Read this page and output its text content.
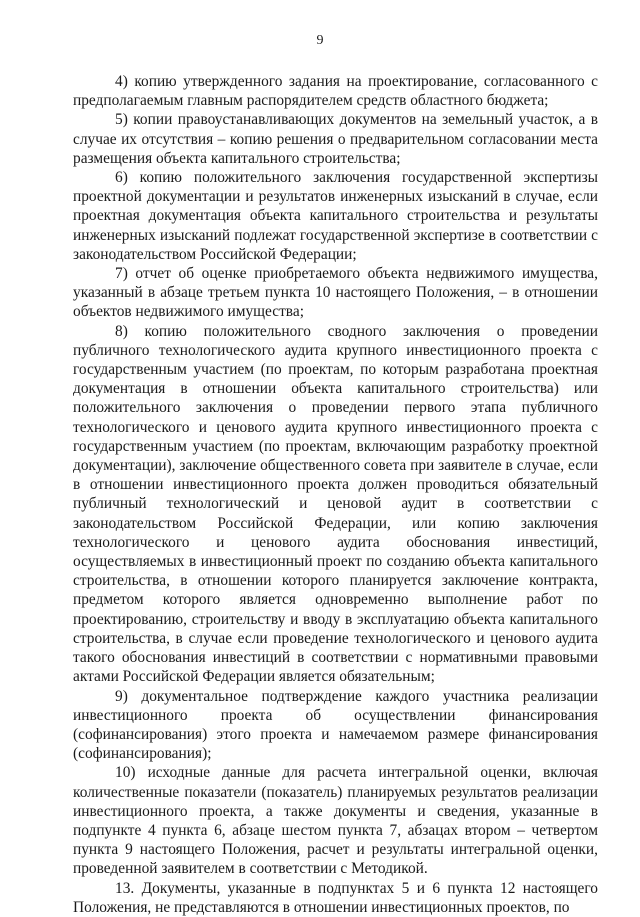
9

4) копию утвержденного задания на проектирование, согласованного с предполагаемым главным распорядителем средств областного бюджета;

5) копии правоустанавливающих документов на земельный участок, а в случае их отсутствия – копию решения о предварительном согласовании места размещения объекта капитального строительства;

6) копию положительного заключения государственной экспертизы проектной документации и результатов инженерных изысканий в случае, если проектная документация объекта капитального строительства и результаты инженерных изысканий подлежат государственной экспертизе в соответствии с законодательством Российской Федерации;

7) отчет об оценке приобретаемого объекта недвижимого имущества, указанный в абзаце третьем пункта 10 настоящего Положения, – в отношении объектов недвижимого имущества;

8) копию положительного сводного заключения о проведении публичного технологического аудита крупного инвестиционного проекта с государственным участием (по проектам, по которым разработана проектная документация в отношении объекта капитального строительства) или положительного заключения о проведении первого этапа публичного технологического и ценового аудита крупного инвестиционного проекта с государственным участием (по проектам, включающим разработку проектной документации), заключение общественного совета при заявителе в случае, если в отношении инвестиционного проекта должен проводиться обязательный публичный технологический и ценовой аудит в соответствии с законодательством Российской Федерации, или копию заключения технологического и ценового аудита обоснования инвестиций, осуществляемых в инвестиционный проект по созданию объекта капитального строительства, в отношении которого планируется заключение контракта, предметом которого является одновременно выполнение работ по проектированию, строительству и вводу в эксплуатацию объекта капитального строительства, в случае если проведение технологического и ценового аудита такого обоснования инвестиций в соответствии с нормативными правовыми актами Российской Федерации является обязательным;

9) документальное подтверждение каждого участника реализации инвестиционного проекта об осуществлении финансирования (софинансирования) этого проекта и намечаемом размере финансирования (софинансирования);

10) исходные данные для расчета интегральной оценки, включая количественные показатели (показатель) планируемых результатов реализации инвестиционного проекта, а также документы и сведения, указанные в подпункте 4 пункта 6, абзаце шестом пункта 7, абзацах втором – четвертом пункта 9 настоящего Положения, расчет и результаты интегральной оценки, проведенной заявителем в соответствии с Методикой.

13. Документы, указанные в подпунктах 5 и 6 пункта 12 настоящего Положения, не представляются в отношении инвестиционных проектов, по
